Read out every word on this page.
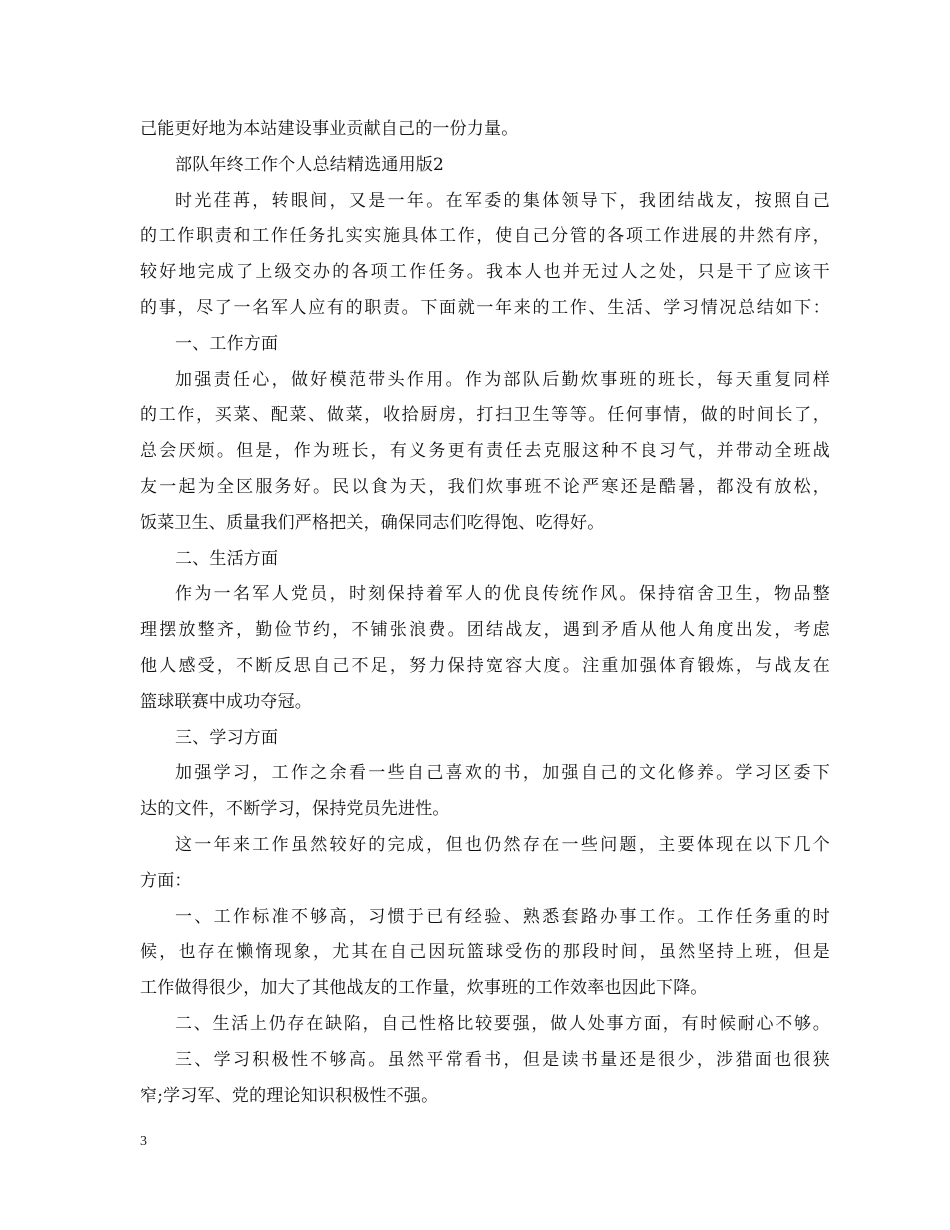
己能更好地为本站建设事业贡献自己的一份力量。
部队年终工作个人总结精选通用版2
时光荏苒，转眼间，又是一年。在军委的集体领导下，我团结战友，按照自己
的工作职责和工作任务扎实实施具体工作，使自己分管的各项工作进展的井然有序，
较好地完成了上级交办的各项工作任务。我本人也并无过人之处，只是干了应该干
的事，尽了一名军人应有的职责。下面就一年来的工作、生活、学习情况总结如下：
一、工作方面
加强责任心，做好模范带头作用。作为部队后勤炊事班的班长，每天重复同样
的工作，买菜、配菜、做菜，收拾厨房，打扫卫生等等。任何事情，做的时间长了，
总会厌烦。但是，作为班长，有义务更有责任去克服这种不良习气，并带动全班战
友一起为全区服务好。民以食为天，我们炊事班不论严寒还是酷暑，都没有放松，
饭菜卫生、质量我们严格把关，确保同志们吃得饱、吃得好。
二、生活方面
作为一名军人党员，时刻保持着军人的优良传统作风。保持宿舍卫生，物品整
理摆放整齐，勤俭节约，不铺张浪费。团结战友，遇到矛盾从他人角度出发，考虑
他人感受，不断反思自己不足，努力保持宽容大度。注重加强体育锻炼，与战友在
篮球联赛中成功夺冠。
三、学习方面
加强学习，工作之余看一些自己喜欢的书，加强自己的文化修养。学习区委下
达的文件，不断学习，保持党员先进性。
这一年来工作虽然较好的完成，但也仍然存在一些问题，主要体现在以下几个
方面：
一、工作标准不够高，习惯于已有经验、熟悉套路办事工作。工作任务重的时
候，也存在懒惰现象，尤其在自己因玩篮球受伤的那段时间，虽然坚持上班，但是
工作做得很少，加大了其他战友的工作量，炊事班的工作效率也因此下降。
二、生活上仍存在缺陷，自己性格比较要强，做人处事方面，有时候耐心不够。
三、学习积极性不够高。虽然平常看书，但是读书量还是很少，涉猎面也很狭
窄;学习军、党的理论知识积极性不强。
3
